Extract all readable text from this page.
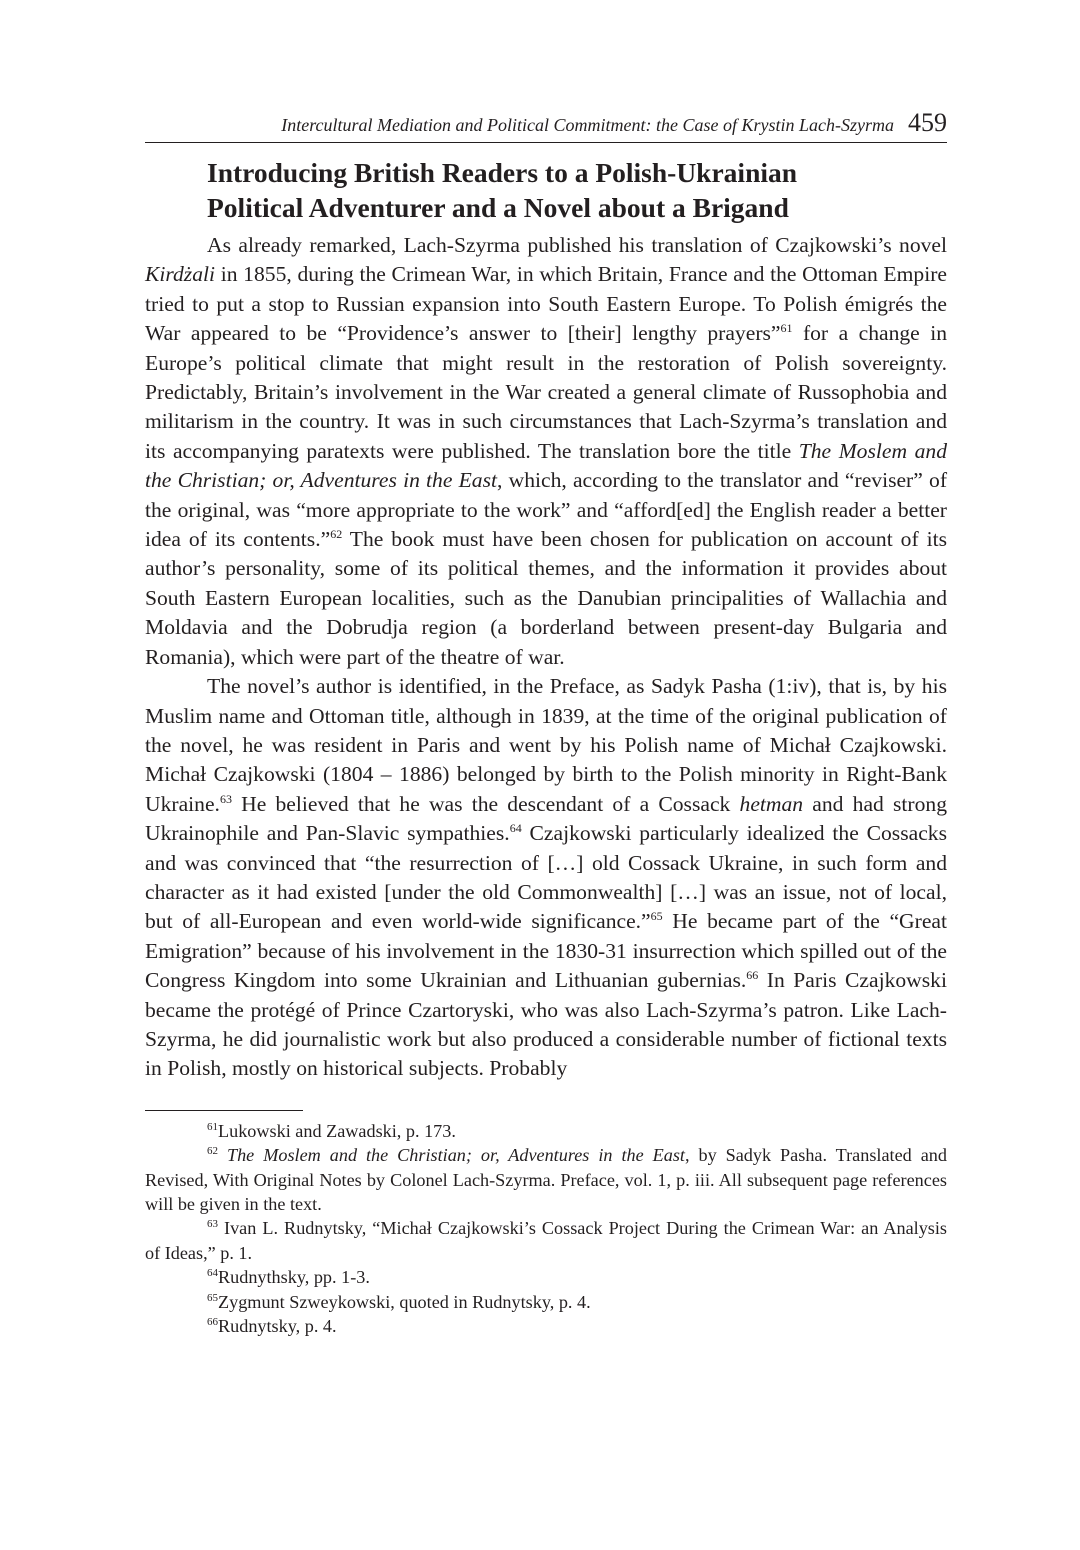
Intercultural Mediation and Political Commitment: the Case of Krystin Lach-Szyrma 459
Introducing British Readers to a Polish-Ukrainian
Political Adventurer and a Novel about a Brigand

As already remarked, Lach-Szyrma published his translation of Czajkowski’s novel Kirdżali in 1855, during the Crimean War, in which Britain, France and the Ottoman Empire tried to put a stop to Russian expansion into South Eastern Europe. To Polish émigrés the War appeared to be “Providence’s answer to [their] lengthy prayers”$^{61}$ for a change in Europe’s political climate that might result in the restoration of Polish sovereignty. Predictably, Britain’s involvement in the War created a general climate of Russophobia and militarism in the country. It was in such circumstances that Lach-Szyrma’s translation and its accompanying paratexts were published. The translation bore the title The Moslem and the Christian; or, Adventures in the East, which, according to the translator and “reviser” of the original, was “more appropriate to the work” and “afford[ed] the English reader a better idea of its contents.”$^{62}$ The book must have been chosen for publication on account of its author’s personality, some of its political themes, and the information it provides about South Eastern European localities, such as the Danubian principalities of Wallachia and Moldavia and the Dobrudja region (a borderland between present-day Bulgaria and Romania), which were part of the theatre of war.

The novel’s author is identified, in the Preface, as Sadyk Pasha (1:iv), that is, by his Muslim name and Ottoman title, although in 1839, at the time of the original publication of the novel, he was resident in Paris and went by his Polish name of Michał Czajkowski. Michał Czajkowski (1804 – 1886) belonged by birth to the Polish minority in Right-Bank Ukraine.$^{63}$ He believed that he was the descendant of a Cossack hetman and had strong Ukrainophile and Pan-Slavic sympathies.$^{64}$ Czajkowski particularly idealized the Cossacks and was convinced that “the resurrection of […] old Cossack Ukraine, in such form and character as it had existed [under the old Commonwealth] […] was an issue, not of local, but of all-European and even world-wide significance.”$^{65}$ He became part of the “Great Emigration” because of his involvement in the 1830-31 insurrection which spilled out of the Congress Kingdom into some Ukrainian and Lithuanian gubernias.$^{66}$ In Paris Czajkowski became the protégé of Prince Czartoryski, who was also Lach-Szyrma’s patron. Like Lach-Szyrma, he did journalistic work but also produced a considerable number of fictional texts in Polish, mostly on historical subjects. Probably

$^{61}$Lukowski and Zawadski, p. 173.

$^{62}$ The Moslem and the Christian; or, Adventures in the East, by Sadyk Pasha. Translated and Revised, With Original Notes by Colonel Lach-Szyrma. Preface, vol. 1, p. iii. All subsequent page references will be given in the text.

$^{63}$ Ivan L. Rudnytsky, “Michał Czajkowski’s Cossack Project During the Crimean War: an Analysis of Ideas,” p. 1.

$^{64}$Rudnythsky, pp. 1-3.

$^{65}$Zygmunt Szweykowski, quoted in Rudnytsky, p. 4.

$^{66}$Rudnytsky, p. 4.
